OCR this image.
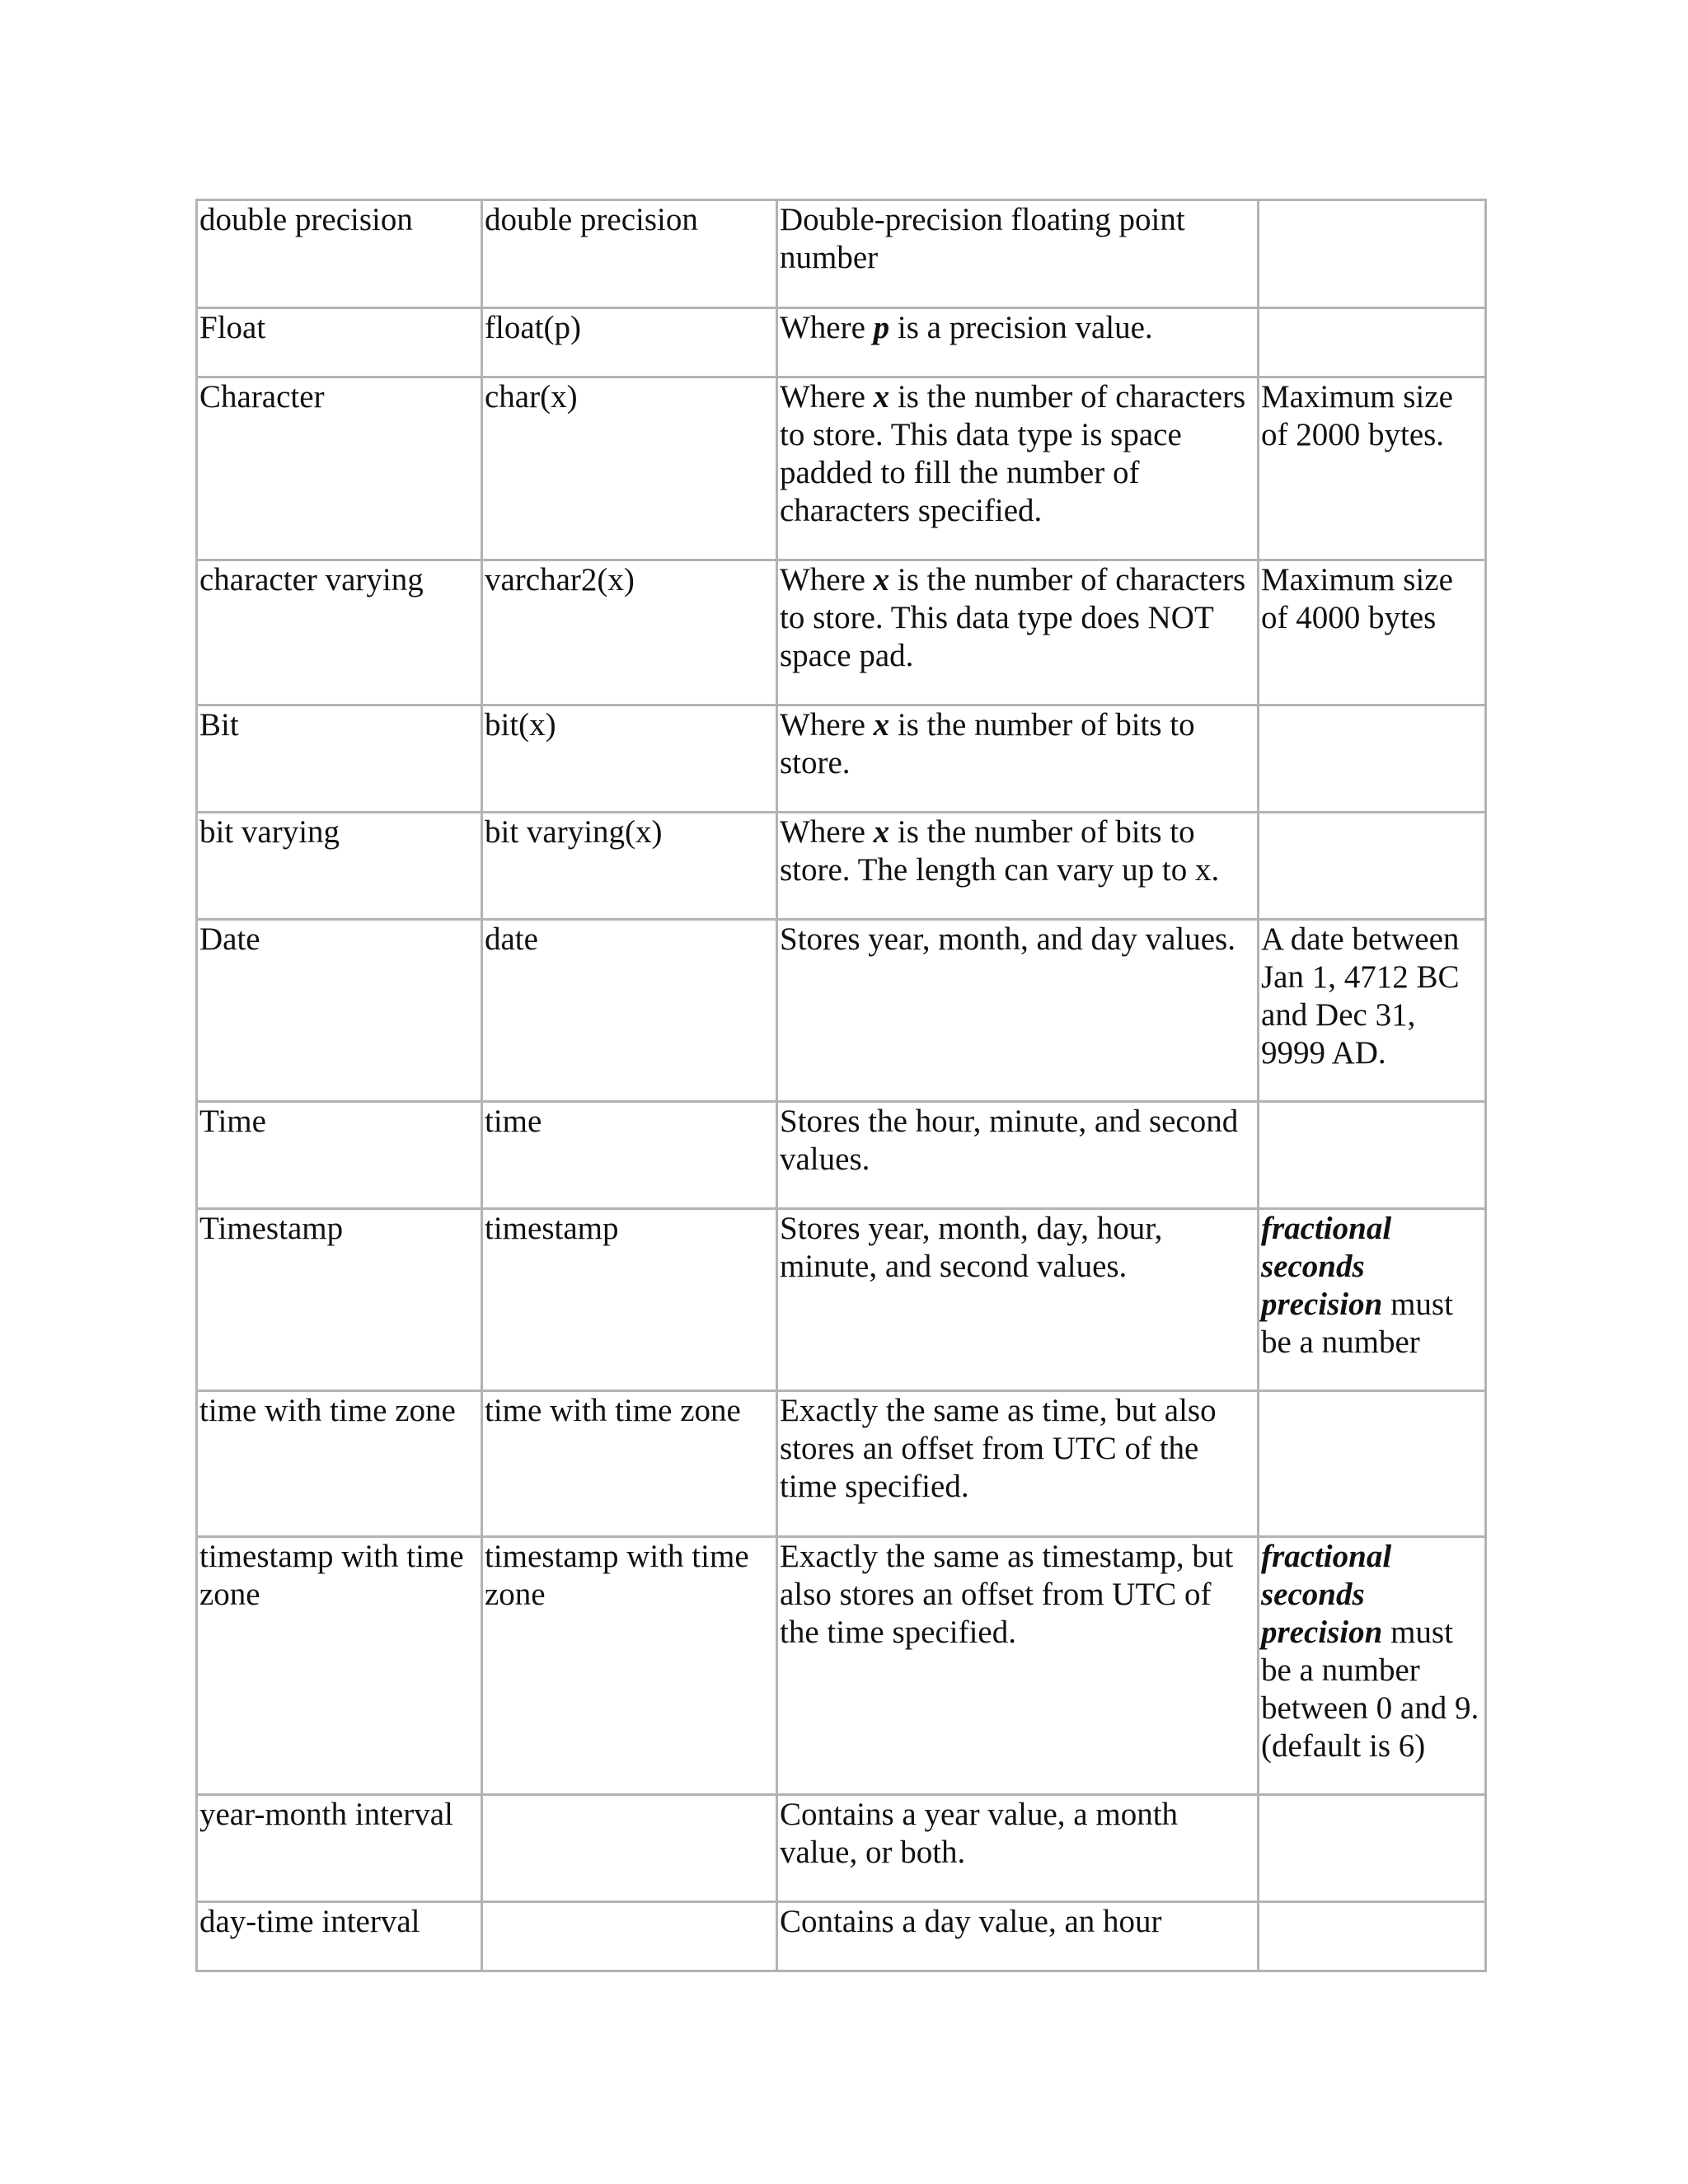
double precision	double precision	Double-precision floating point number	

Float	float(p)	Where p is a precision value.	

Character	char(x)	Where x is the number of characters to store. This data type is space padded to fill the number of characters specified.	Maximum size of 2000 bytes.

character varying	varchar2(x)	Where x is the number of characters to store. This data type does NOT space pad.	Maximum size of 4000 bytes

Bit	bit(x)	Where x is the number of bits to store.	

bit varying	bit varying(x)	Where x is the number of bits to store. The length can vary up to x.	

Date	date	Stores year, month, and day values.	A date between Jan 1, 4712 BC and Dec 31, 9999 AD.

Time	time	Stores the hour, minute, and second values.	

Timestamp	timestamp	Stores year, month, day, hour, minute, and second values.	fractional seconds precision must be a number

time with time zone	time with time zone	Exactly the same as time, but also stores an offset from UTC of the time specified.	

timestamp with time zone	timestamp with time zone	Exactly the same as timestamp, but also stores an offset from UTC of the time specified.	fractional seconds precision must be a number between 0 and 9. (default is 6)

year-month interval		Contains a year value, a month value, or both.	

day-time interval		Contains a day value, an hour	
